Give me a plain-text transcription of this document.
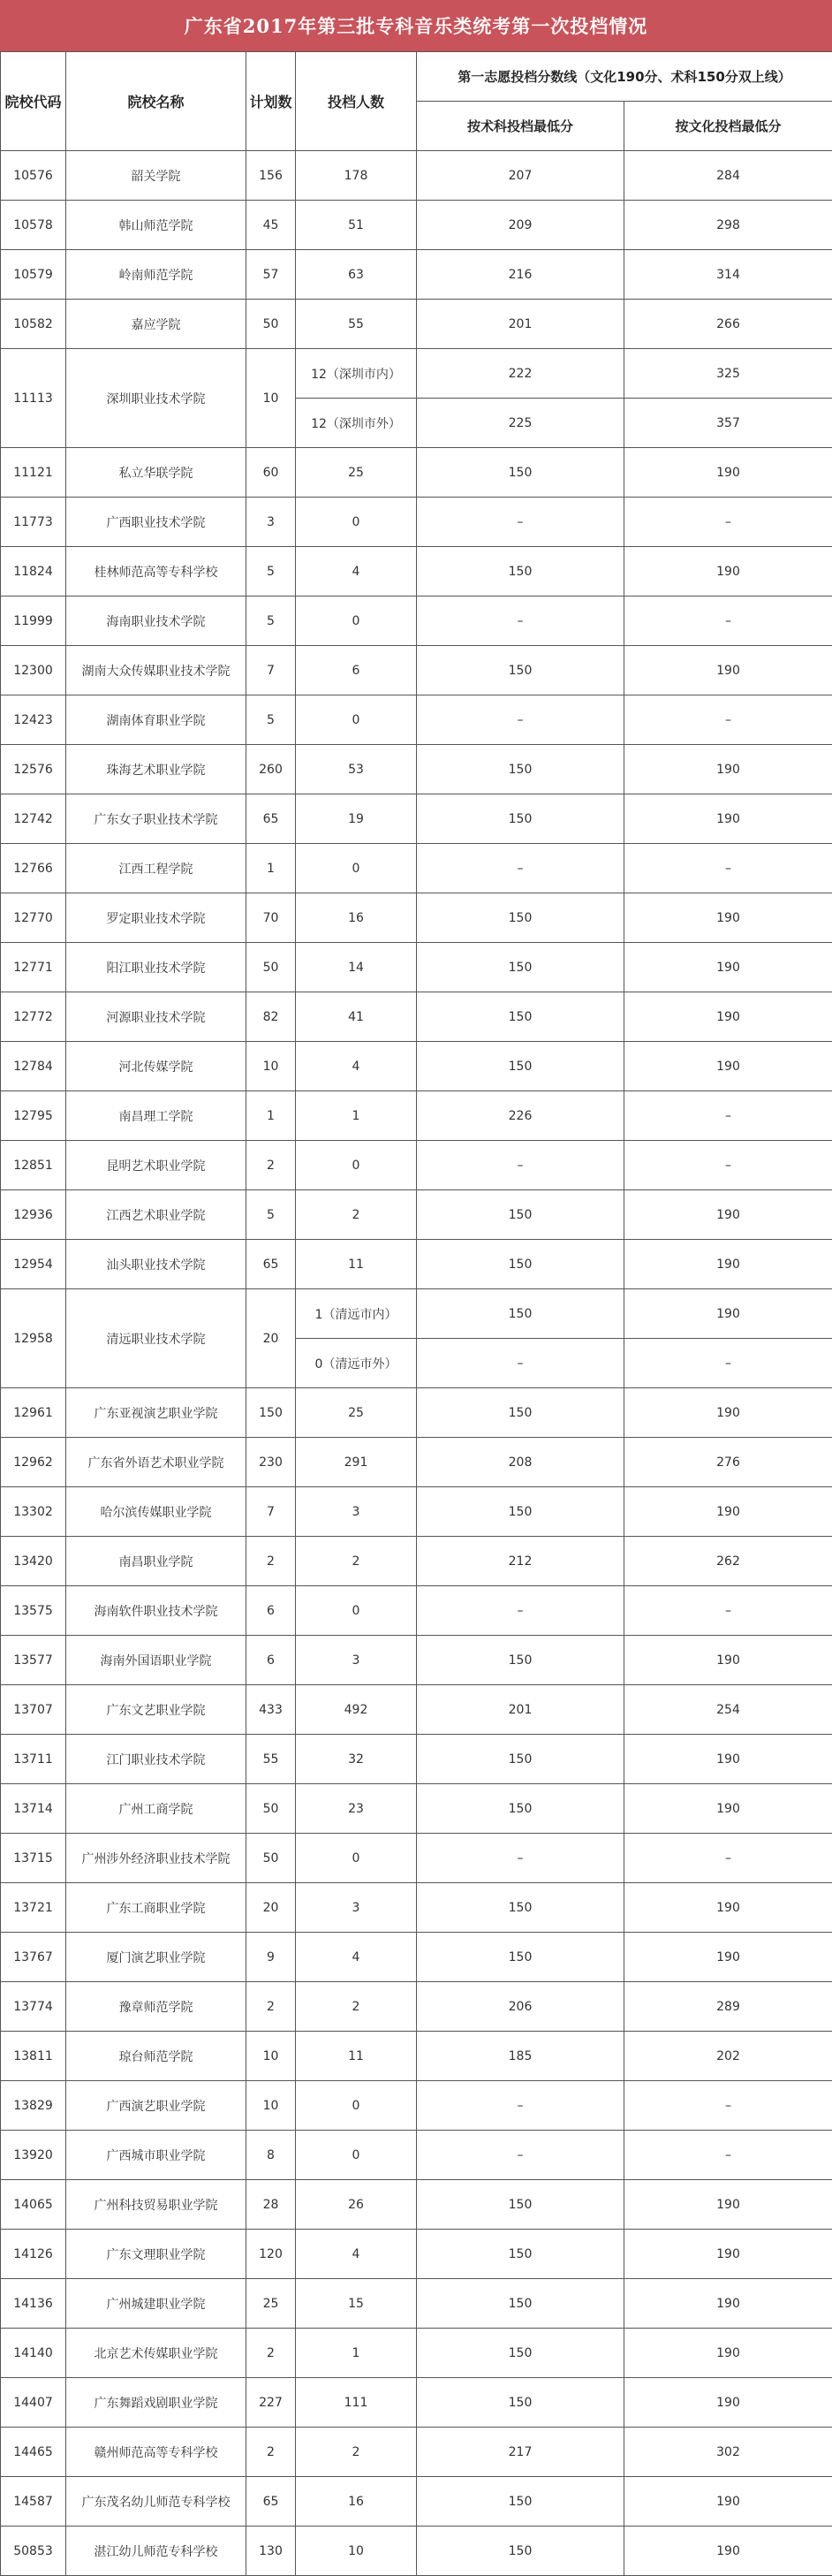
广东省2017年第三批专科音乐类统考第一次投档情况
院校代码	院校名称	计划数	投档人数	第一志愿投档分数线（文化190分、术科150分双上线）	
				按术科投档最低分	按文化投档最低分
10576	韶关学院	156	178	207	284
10578	韩山师范学院	45	51	209	298
10579	岭南师范学院	57	63	216	314
10582	嘉应学院	50	55	201	266
11113	深圳职业技术学院	10	12（深圳市内）	222	325
			12（深圳市外）	225	357
11121	私立华联学院	60	25	150	190
11773	广西职业技术学院	3	0	–	–
11824	桂林师范高等专科学校	5	4	150	190
11999	海南职业技术学院	5	0	–	–
12300	湖南大众传媒职业技术学院	7	6	150	190
12423	湖南体育职业学院	5	0	–	–
12576	珠海艺术职业学院	260	53	150	190
12742	广东女子职业技术学院	65	19	150	190
12766	江西工程学院	1	0	–	–
12770	罗定职业技术学院	70	16	150	190
12771	阳江职业技术学院	50	14	150	190
12772	河源职业技术学院	82	41	150	190
12784	河北传媒学院	10	4	150	190
12795	南昌理工学院	1	1	226	–
12851	昆明艺术职业学院	2	0	–	–
12936	江西艺术职业学院	5	2	150	190
12954	汕头职业技术学院	65	11	150	190
12958	清远职业技术学院	20	1（清远市内）	150	190
			0（清远市外）	–	–
12961	广东亚视演艺职业学院	150	25	150	190
12962	广东省外语艺术职业学院	230	291	208	276
13302	哈尔滨传媒职业学院	7	3	150	190
13420	南昌职业学院	2	2	212	262
13575	海南软件职业技术学院	6	0	–	–
13577	海南外国语职业学院	6	3	150	190
13707	广东文艺职业学院	433	492	201	254
13711	江门职业技术学院	55	32	150	190
13714	广州工商学院	50	23	150	190
13715	广州涉外经济职业技术学院	50	0	–	–
13721	广东工商职业学院	20	3	150	190
13767	厦门演艺职业学院	9	4	150	190
13774	豫章师范学院	2	2	206	289
13811	琼台师范学院	10	11	185	202
13829	广西演艺职业学院	10	0	–	–
13920	广西城市职业学院	8	0	–	–
14065	广州科技贸易职业学院	28	26	150	190
14126	广东文理职业学院	120	4	150	190
14136	广州城建职业学院	25	15	150	190
14140	北京艺术传媒职业学院	2	1	150	190
14407	广东舞蹈戏剧职业学院	227	111	150	190
14465	赣州师范高等专科学校	2	2	217	302
14587	广东茂名幼儿师范专科学校	65	16	150	190
50853	湛江幼儿师范专科学校	130	10	150	190
